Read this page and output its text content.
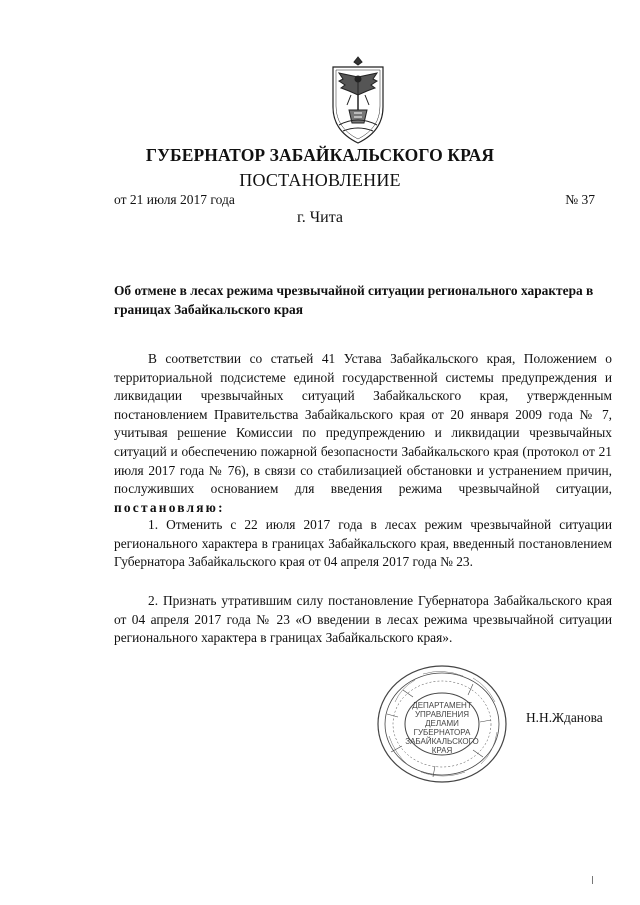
ГУБЕРНАТОР ЗАБАЙКАЛЬСКОГО КРАЯ
ПОСТАНОВЛЕНИЕ
от 21 июля 2017 года	№ 37
г. Чита
Об отмене в лесах режима чрезвычайной ситуации регионального характера в границах Забайкальского края
В соответствии со статьей 41 Устава Забайкальского края, Положением о территориальной подсистеме единой государственной системы предупреждения и ликвидации чрезвычайных ситуаций Забайкальского края, утвержденным постановлением Правительства Забайкальского края от 20 января 2009 года № 7, учитывая решение Комиссии по предупреждению и ликвидации чрезвычайных ситуаций и обеспечению пожарной безопасности Забайкальского края (протокол от 21 июля 2017 года № 76), в связи со стабилизацией обстановки и устранением причин, послуживших основанием для введения режима чрезвычайной ситуации, постановляю:
1. Отменить с 22 июля 2017 года в лесах режим чрезвычайной ситуации регионального характера в границах Забайкальского края, введенный постановлением Губернатора Забайкальского края от 04 апреля 2017 года № 23.
2. Признать утратившим силу постановление Губернатора Забайкальского края от 04 апреля 2017 года № 23 «О введении в лесах режима чрезвычайной ситуации регионального характера в границах Забайкальского края».
ДЕПАРТАМЕНТ
УПРАВЛЕНИЯ
ДЕЛАМИ
ГУБЕРНАТОРА
ЗАБАЙКАЛЬСКОГО
КРАЯ
Н.Н.Жданова
